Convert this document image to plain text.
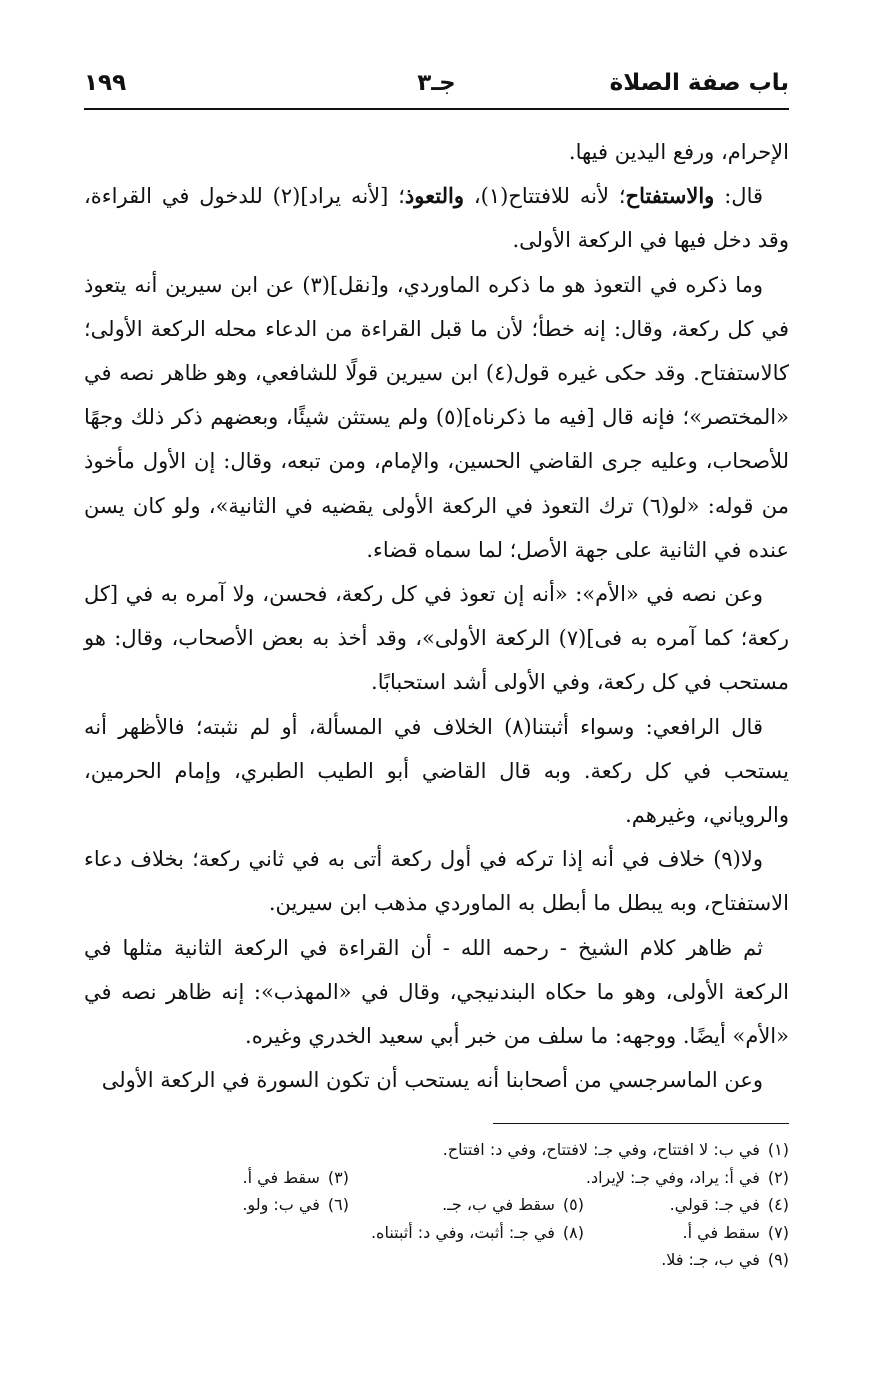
باب صفة الصلاة
جـ٣
١٩٩

الإحرام، ورفع اليدين فيها.

قال: والاستفتاح؛ لأنه للافتتاح(١)، والتعوذ؛ [لأنه يراد](٢) للدخول في القراءة، وقد دخل فيها في الركعة الأولى.

وما ذكره في التعوذ هو ما ذكره الماوردي، و[نقل](٣) عن ابن سيرين أنه يتعوذ في كل ركعة، وقال: إنه خطأ؛ لأن ما قبل القراءة من الدعاء محله الركعة الأولى؛ كالاستفتاح. وقد حكى غيره قول(٤) ابن سيرين قولًا للشافعي، وهو ظاهر نصه في «المختصر»؛ فإنه قال [فيه ما ذكرناه](٥) ولم يستثن شيئًا، وبعضهم ذكر ذلك وجهًا للأصحاب، وعليه جرى القاضي الحسين، والإمام، ومن تبعه، وقال: إن الأول مأخوذ من قوله: «لو(٦) ترك التعوذ في الركعة الأولى يقضيه في الثانية»، ولو كان يسن عنده في الثانية على جهة الأصل؛ لما سماه قضاء.

وعن نصه في «الأم»: «أنه إن تعوذ في كل ركعة، فحسن، ولا آمره به في [كل ركعة؛ كما آمره به فى](٧) الركعة الأولى»، وقد أخذ به بعض الأصحاب، وقال: هو مستحب في كل ركعة، وفي الأولى أشد استحبابًا.

قال الرافعي: وسواء أثبتنا(٨) الخلاف في المسألة، أو لم نثبته؛ فالأظهر أنه يستحب في كل ركعة. وبه قال القاضي أبو الطيب الطبري، وإمام الحرمين، والروياني، وغيرهم.

ولا(٩) خلاف في أنه إذا تركه في أول ركعة أتى به في ثاني ركعة؛ بخلاف دعاء الاستفتاح، وبه يبطل ما أبطل به الماوردي مذهب ابن سيرين.

ثم ظاهر كلام الشيخ - رحمه الله - أن القراءة في الركعة الثانية مثلها في الركعة الأولى، وهو ما حكاه البندنيجي، وقال في «المهذب»: إنه ظاهر نصه في «الأم» أيضًا. ووجهه: ما سلف من خبر أبي سعيد الخدري وغيره.

وعن الماسرجسي من أصحابنا أنه يستحب أن تكون السورة في الركعة الأولى

(١)في ب: لا افتتاح، وفي جـ: لافتتاح، وفي د: افتتاح.
(٢)في أ: يراد، وفي جـ: لإيراد.
(٣)سقط في أ.
(٤)في جـ: قولي.
(٥)سقط في ب، جـ.
(٦)في ب: ولو.
(٧)سقط في أ.
(٨)في جـ: أثبت، وفي د: أثبتناه.
(٩)في ب، جـ: فلا.
